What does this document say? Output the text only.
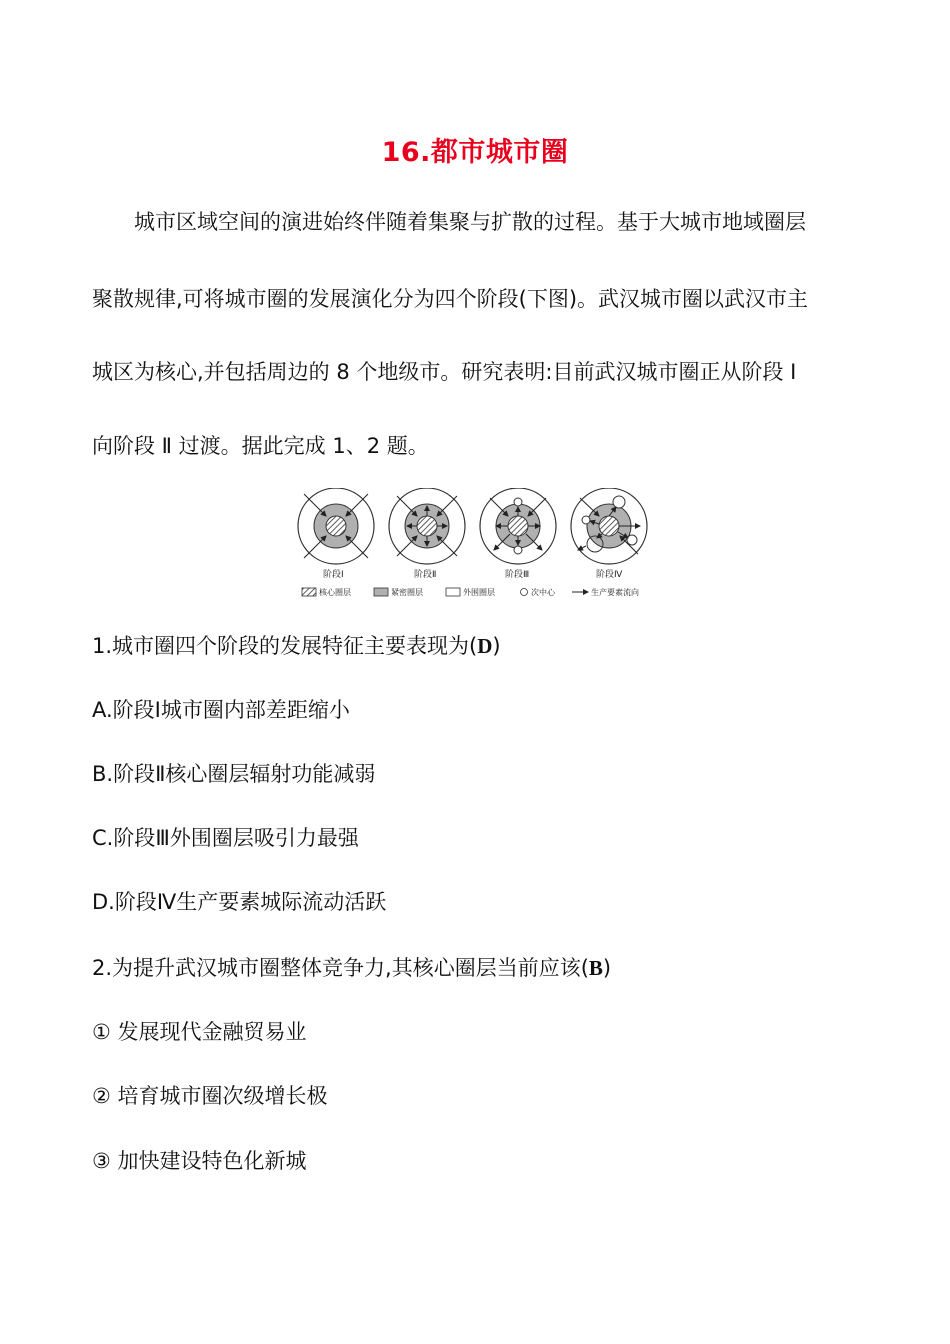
16.都市城市圈
城市区域空间的演进始终伴随着集聚与扩散的过程。基于大城市地域圈层
聚散规律,可将城市圈的发展演化分为四个阶段(下图)。武汉城市圈以武汉市主
城区为核心,并包括周边的 8 个地级市。研究表明:目前武汉城市圈正从阶段 Ⅰ
向阶段 Ⅱ 过渡。据此完成 1、2 题。
阶段Ⅰ	阶段Ⅱ	阶段Ⅲ	阶段Ⅳ
核心圈层	紧密圈层	外围圈层	次中心	生产要素流向
1.城市圈四个阶段的发展特征主要表现为(D)
A.阶段Ⅰ城市圈内部差距缩小
B.阶段Ⅱ核心圈层辐射功能减弱
C.阶段Ⅲ外围圈层吸引力最强
D.阶段Ⅳ生产要素城际流动活跃
2.为提升武汉城市圈整体竞争力,其核心圈层当前应该(B)
① 发展现代金融贸易业
② 培育城市圈次级增长极
③ 加快建设特色化新城
